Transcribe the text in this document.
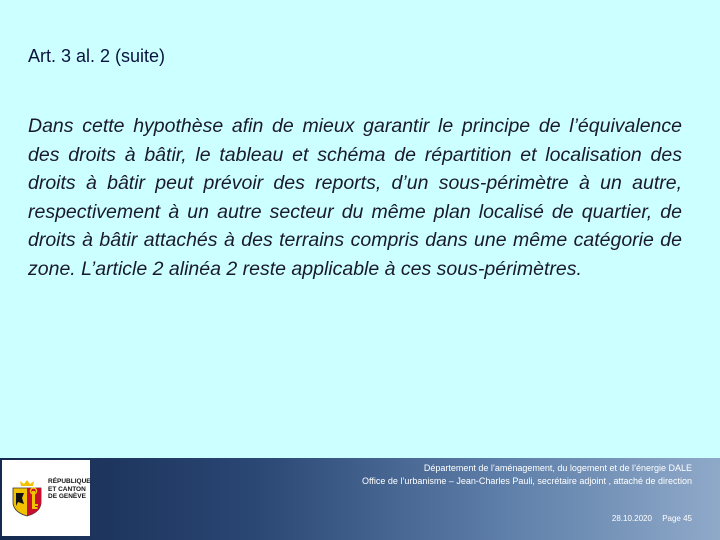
Art. 3 al. 2 (suite)
Dans cette hypothèse afin de mieux garantir le principe de l’équivalence des droits à bâtir, le tableau et schéma de répartition et localisation des droits à bâtir peut prévoir des reports, d’un sous-périmètre à un autre, respectivement à un autre secteur du même plan localisé de quartier, de droits à bâtir attachés à des terrains compris dans une même catégorie de zone. L’article 2 alinéa 2 reste applicable à ces sous-périmètres.
RÉPUBLIQUE
ET CANTON
DE GENÈVE
Département de l’aménagement, du logement et de l’énergie DALE
Office de l’urbanisme – Jean-Charles Pauli, secrétaire adjoint , attaché de direction
28.10.2020 Page 45
